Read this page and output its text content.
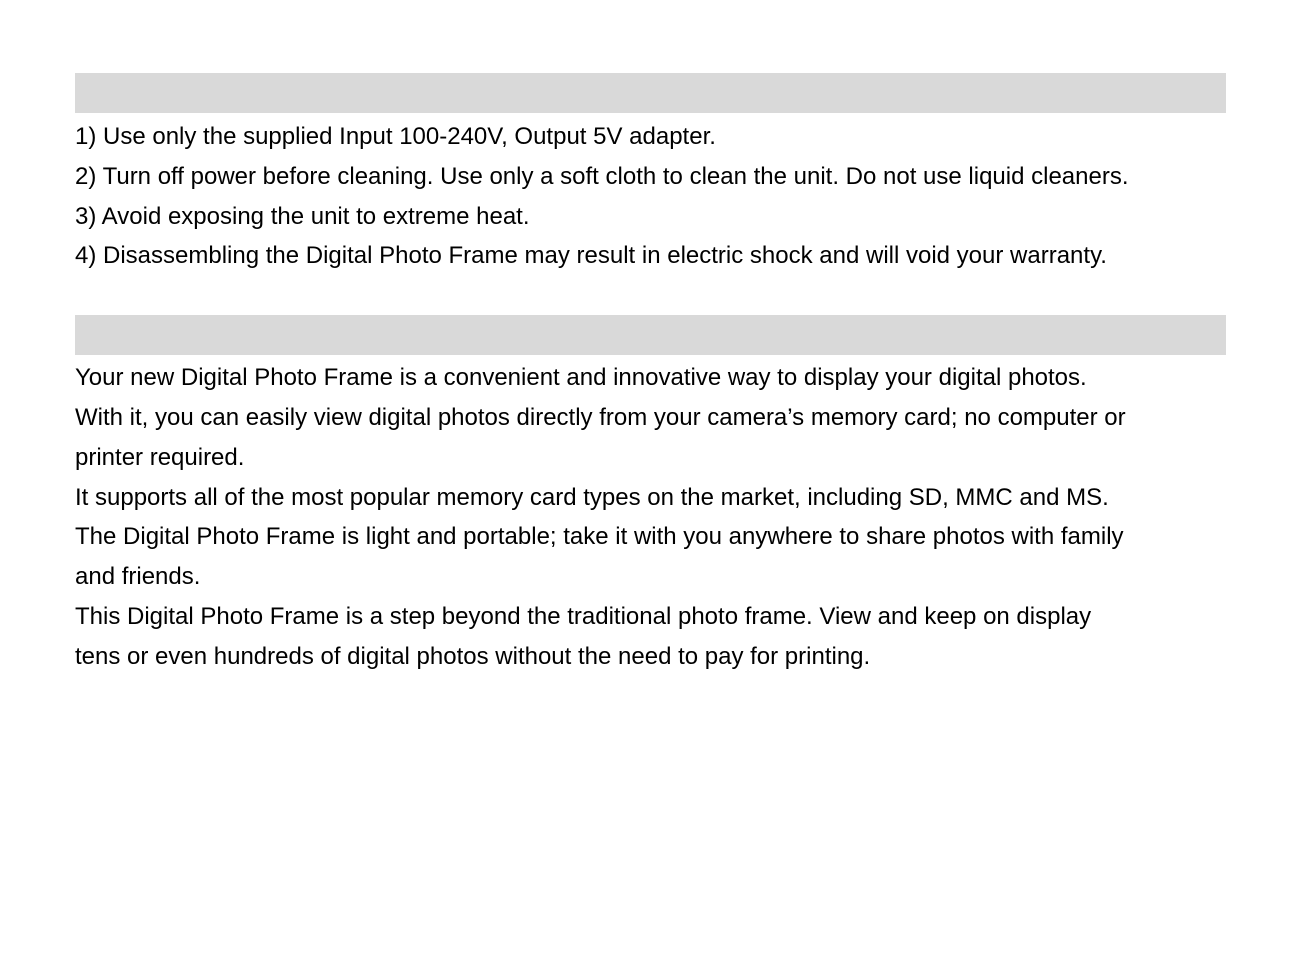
1) Use only the supplied Input 100-240V, Output 5V adapter.
2) Turn off power before cleaning. Use only a soft cloth to clean the unit. Do not use liquid cleaners.
3) Avoid exposing the unit to extreme heat.
4) Disassembling the Digital Photo Frame may result in electric shock and will void your warranty.
Your new Digital Photo Frame is a convenient and innovative way to display your digital photos.
With it, you can easily view digital photos directly from your camera’s memory card; no computer or
printer required.
It supports all of the most popular memory card types on the market, including SD, MMC and MS.
The Digital Photo Frame is light and portable; take it with you anywhere to share photos with family
and friends.
This Digital Photo Frame is a step beyond the traditional photo frame. View and keep on display
tens or even hundreds of digital photos without the need to pay for printing.
